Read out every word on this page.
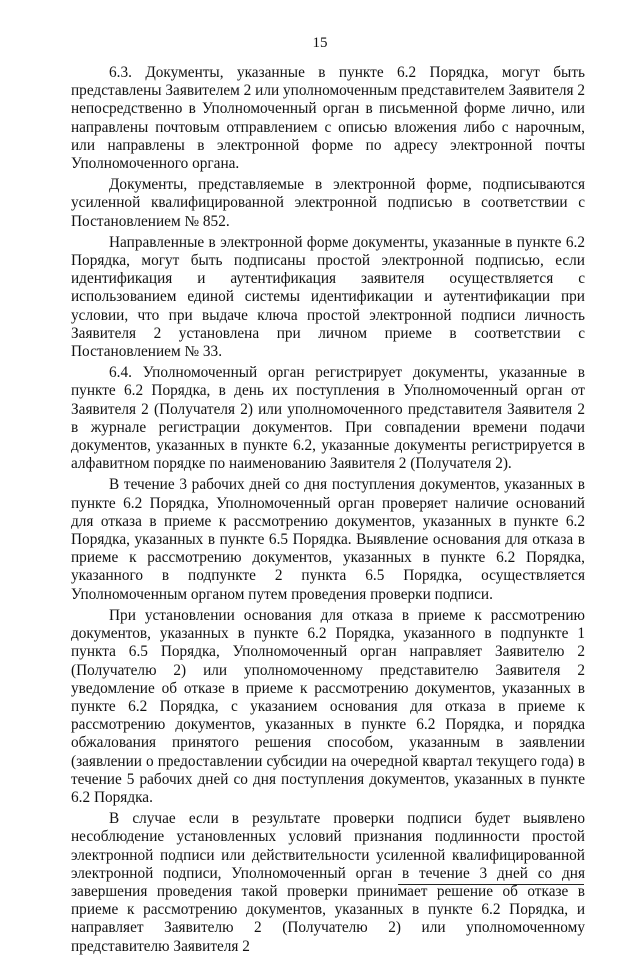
15

6.3. Документы, указанные в пункте 6.2 Порядка, могут быть представлены Заявителем 2 или уполномоченным представителем Заявителя 2 непосредственно в Уполномоченный орган в письменной форме лично, или направлены почтовым отправлением с описью вложения либо с нарочным, или направлены в электронной форме по адресу электронной почты Уполномоченного органа.

Документы, представляемые в электронной форме, подписываются усиленной квалифицированной электронной подписью в соответствии с Постановлением № 852.

Направленные в электронной форме документы, указанные в пункте 6.2 Порядка, могут быть подписаны простой электронной подписью, если идентификация и аутентификация заявителя осуществляется с использованием единой системы идентификации и аутентификации при условии, что при выдаче ключа простой электронной подписи личность Заявителя 2 установлена при личном приеме в соответствии с Постановлением № 33.

6.4. Уполномоченный орган регистрирует документы, указанные в пункте 6.2 Порядка, в день их поступления в Уполномоченный орган от Заявителя 2 (Получателя 2) или уполномоченного представителя Заявителя 2 в журнале регистрации документов. При совпадении времени подачи документов, указанных в пункте 6.2, указанные документы регистрируется в алфавитном порядке по наименованию Заявителя 2 (Получателя 2).

В течение 3 рабочих дней со дня поступления документов, указанных в пункте 6.2 Порядка, Уполномоченный орган проверяет наличие оснований для отказа в приеме к рассмотрению документов, указанных в пункте 6.2 Порядка, указанных в пункте 6.5 Порядка. Выявление основания для отказа в приеме к рассмотрению документов, указанных в пункте 6.2 Порядка, указанного в подпункте 2 пункта 6.5 Порядка, осуществляется Уполномоченным органом путем проведения проверки подписи.

При установлении основания для отказа в приеме к рассмотрению документов, указанных в пункте 6.2 Порядка, указанного в подпункте 1 пункта 6.5 Порядка, Уполномоченный орган направляет Заявителю 2 (Получателю 2) или уполномоченному представителю Заявителя 2 уведомление об отказе в приеме к рассмотрению документов, указанных в пункте 6.2 Порядка, с указанием основания для отказа в приеме к рассмотрению документов, указанных в пункте 6.2 Порядка, и порядка обжалования принятого решения способом, указанным в заявлении (заявлении о предоставлении субсидии на очередной квартал текущего года) в течение 5 рабочих дней со дня поступления документов, указанных в пункте 6.2 Порядка.

В случае если в результате проверки подписи будет выявлено несоблюдение установленных условий признания подлинности простой электронной подписи или действительности усиленной квалифицированной электронной подписи, Уполномоченный орган в течение 3 дней со дня завершения проведения такой проверки принимает решение об отказе в приеме к рассмотрению документов, указанных в пункте 6.2 Порядка, и направляет Заявителю 2 (Получателю 2) или уполномоченному представителю Заявителя 2
